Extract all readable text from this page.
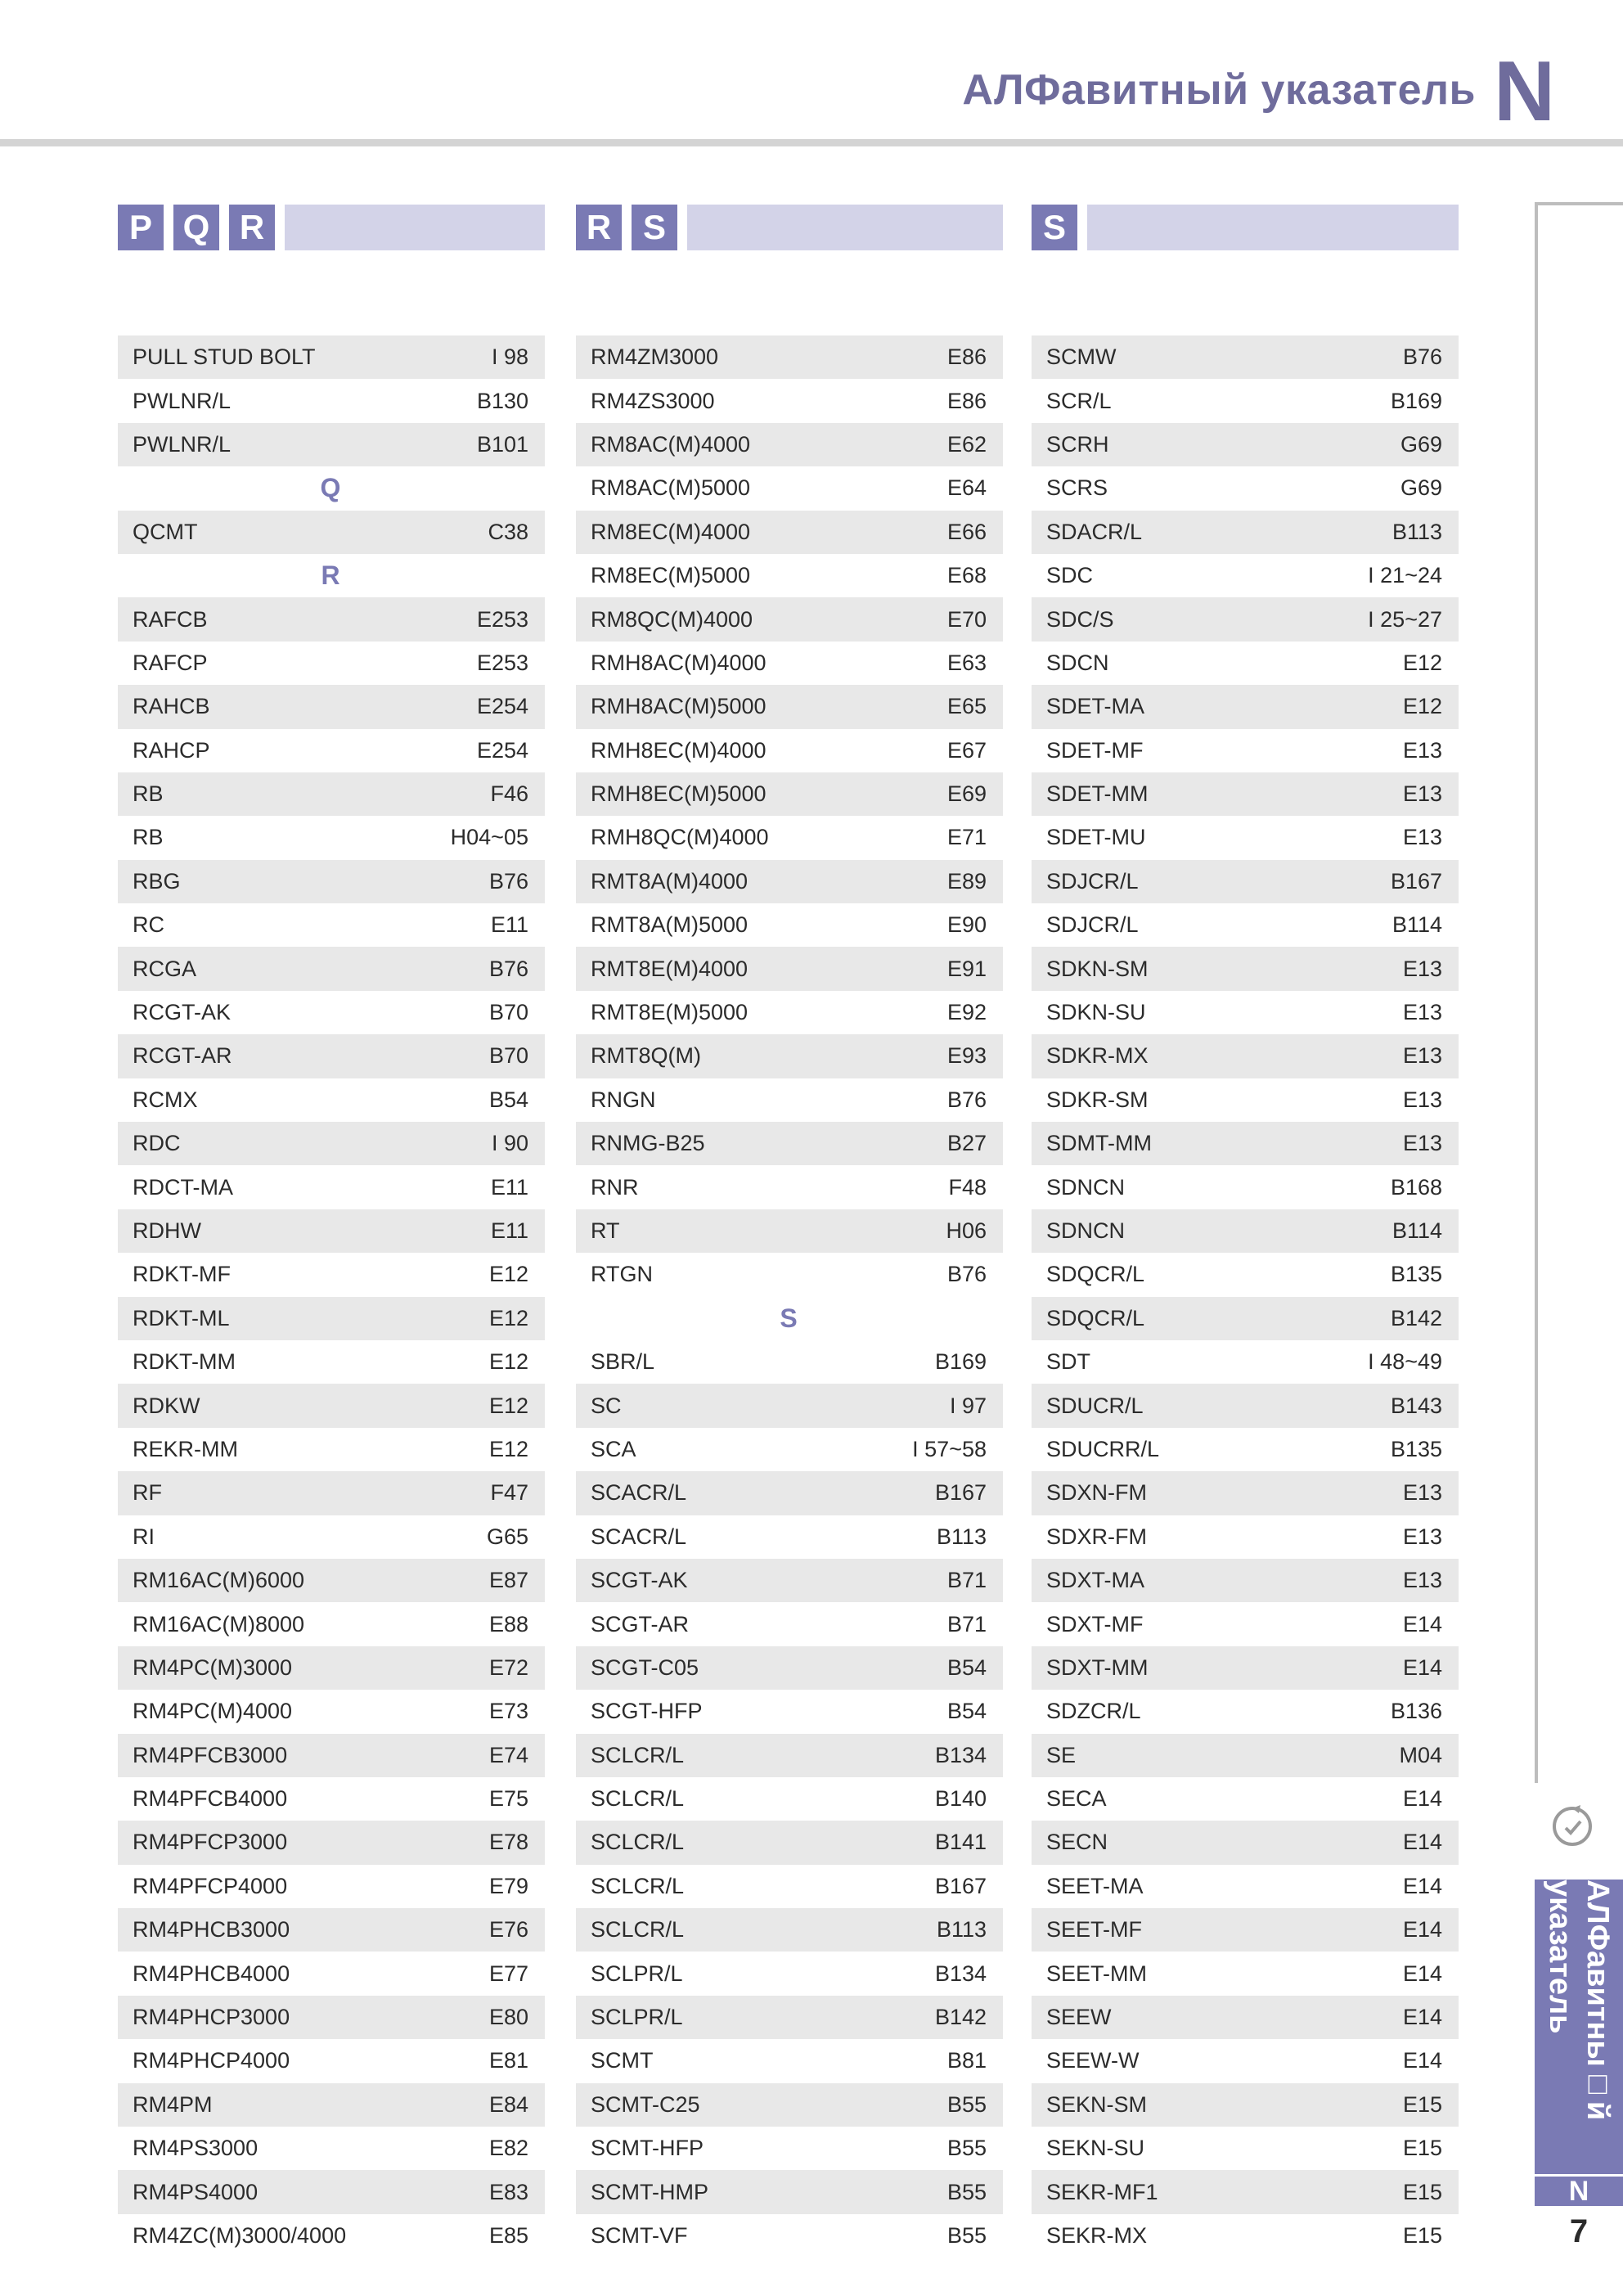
АЛФавитный указатель N
P Q R
PULL STUD BOLT	I 98
PWLNR/L	B130
PWLNR/L	B101
Q
QCMT	C38
R
RAFCB	E253
RAFCP	E253
RAHCB	E254
RAHCP	E254
RB	F46
RB	H04~05
RBG	B76
RC	E11
RCGA	B76
RCGT-AK	B70
RCGT-AR	B70
RCMX	B54
RDC	I 90
RDCT-MA	E11
RDHW	E11
RDKT-MF	E12
RDKT-ML	E12
RDKT-MM	E12
RDKW	E12
REKR-MM	E12
RF	F47
RI	G65
RM16AC(M)6000	E87
RM16AC(M)8000	E88
RM4PC(M)3000	E72
RM4PC(M)4000	E73
RM4PFCB3000	E74
RM4PFCB4000	E75
RM4PFCP3000	E78
RM4PFCP4000	E79
RM4PHCB3000	E76
RM4PHCB4000	E77
RM4PHCP3000	E80
RM4PHCP4000	E81
RM4PM	E84
RM4PS3000	E82
RM4PS4000	E83
RM4ZC(M)3000/4000	E85
R S
RM4ZM3000	E86
RM4ZS3000	E86
RM8AC(M)4000	E62
RM8AC(M)5000	E64
RM8EC(M)4000	E66
RM8EC(M)5000	E68
RM8QC(M)4000	E70
RMH8AC(M)4000	E63
RMH8AC(M)5000	E65
RMH8EC(M)4000	E67
RMH8EC(M)5000	E69
RMH8QC(M)4000	E71
RMT8A(M)4000	E89
RMT8A(M)5000	E90
RMT8E(M)4000	E91
RMT8E(M)5000	E92
RMT8Q(M)	E93
RNGN	B76
RNMG-B25	B27
RNR	F48
RT	H06
RTGN	B76
S
SBR/L	B169
SC	I 97
SCA	I 57~58
SCACR/L	B167
SCACR/L	B113
SCGT-AK	B71
SCGT-AR	B71
SCGT-C05	B54
SCGT-HFP	B54
SCLCR/L	B134
SCLCR/L	B140
SCLCR/L	B141
SCLCR/L	B167
SCLCR/L	B113
SCLPR/L	B134
SCLPR/L	B142
SCMT	B81
SCMT-C25	B55
SCMT-HFP	B55
SCMT-HMP	B55
SCMT-VF	B55
S
SCMW	B76
SCR/L	B169
SCRH	G69
SCRS	G69
SDACR/L	B113
SDC	I 21~24
SDC/S	I 25~27
SDCN	E12
SDET-MA	E12
SDET-MF	E13
SDET-MM	E13
SDET-MU	E13
SDJCR/L	B167
SDJCR/L	B114
SDKN-SM	E13
SDKN-SU	E13
SDKR-MX	E13
SDKR-SM	E13
SDMT-MM	E13
SDNCN	B168
SDNCN	B114
SDQCR/L	B135
SDQCR/L	B142
SDT	I 48~49
SDUCR/L	B143
SDUCRR/L	B135
SDXN-FM	E13
SDXR-FM	E13
SDXT-MA	E13
SDXT-MF	E14
SDXT-MM	E14
SDZCR/L	B136
SE	M04
SECA	E14
SECN	E14
SEET-MA	E14
SEET-MF	E14
SEET-MM	E14
SEEW	E14
SEEW-W	E14
SEKN-SM	E15
SEKN-SU	E15
SEKR-MF1	E15
SEKR-MX	E15
АЛФавитны□й указатель
N
7
